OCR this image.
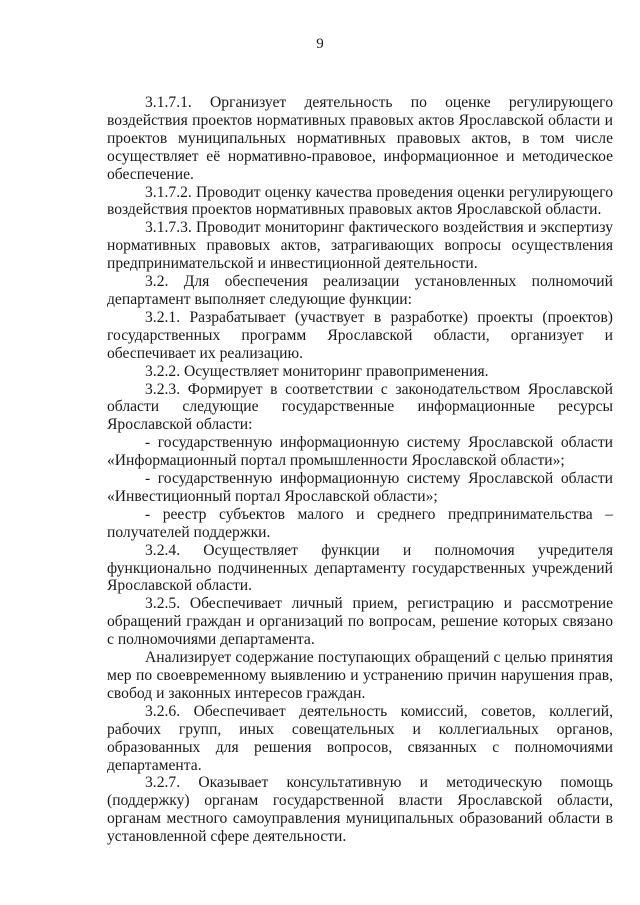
9

3.1.7.1. Организует деятельность по оценке регулирующего воздействия проектов нормативных правовых актов Ярославской области и проектов муниципальных нормативных правовых актов, в том числе осуществляет её нормативно-правовое, информационное и методическое обеспечение.

3.1.7.2. Проводит оценку качества проведения оценки регулирующего воздействия проектов нормативных правовых актов Ярославской области.

3.1.7.3. Проводит мониторинг фактического воздействия и экспертизу нормативных правовых актов, затрагивающих вопросы осуществления предпринимательской и инвестиционной деятельности.

3.2. Для обеспечения реализации установленных полномочий департамент выполняет следующие функции:

3.2.1. Разрабатывает (участвует в разработке) проекты (проектов) государственных программ Ярославской области, организует и обеспечивает их реализацию.

3.2.2. Осуществляет мониторинг правоприменения.

3.2.3. Формирует в соответствии с законодательством Ярославской области следующие государственные информационные ресурсы Ярославской области:

- государственную информационную систему Ярославской области «Информационный портал промышленности Ярославской области»;

- государственную информационную систему Ярославской области «Инвестиционный портал Ярославской области»;

- реестр субъектов малого и среднего предпринимательства – получателей поддержки.

3.2.4. Осуществляет функции и полномочия учредителя функционально подчиненных департаменту государственных учреждений Ярославской области.

3.2.5. Обеспечивает личный прием, регистрацию и рассмотрение обращений граждан и организаций по вопросам, решение которых связано с полномочиями департамента.

Анализирует содержание поступающих обращений с целью принятия мер по своевременному выявлению и устранению причин нарушения прав, свобод и законных интересов граждан.

3.2.6. Обеспечивает деятельность комиссий, советов, коллегий, рабочих групп, иных совещательных и коллегиальных органов, образованных для решения вопросов, связанных с полномочиями департамента.

3.2.7. Оказывает консультативную и методическую помощь (поддержку) органам государственной власти Ярославской области, органам местного самоуправления муниципальных образований области в установленной сфере деятельности.
